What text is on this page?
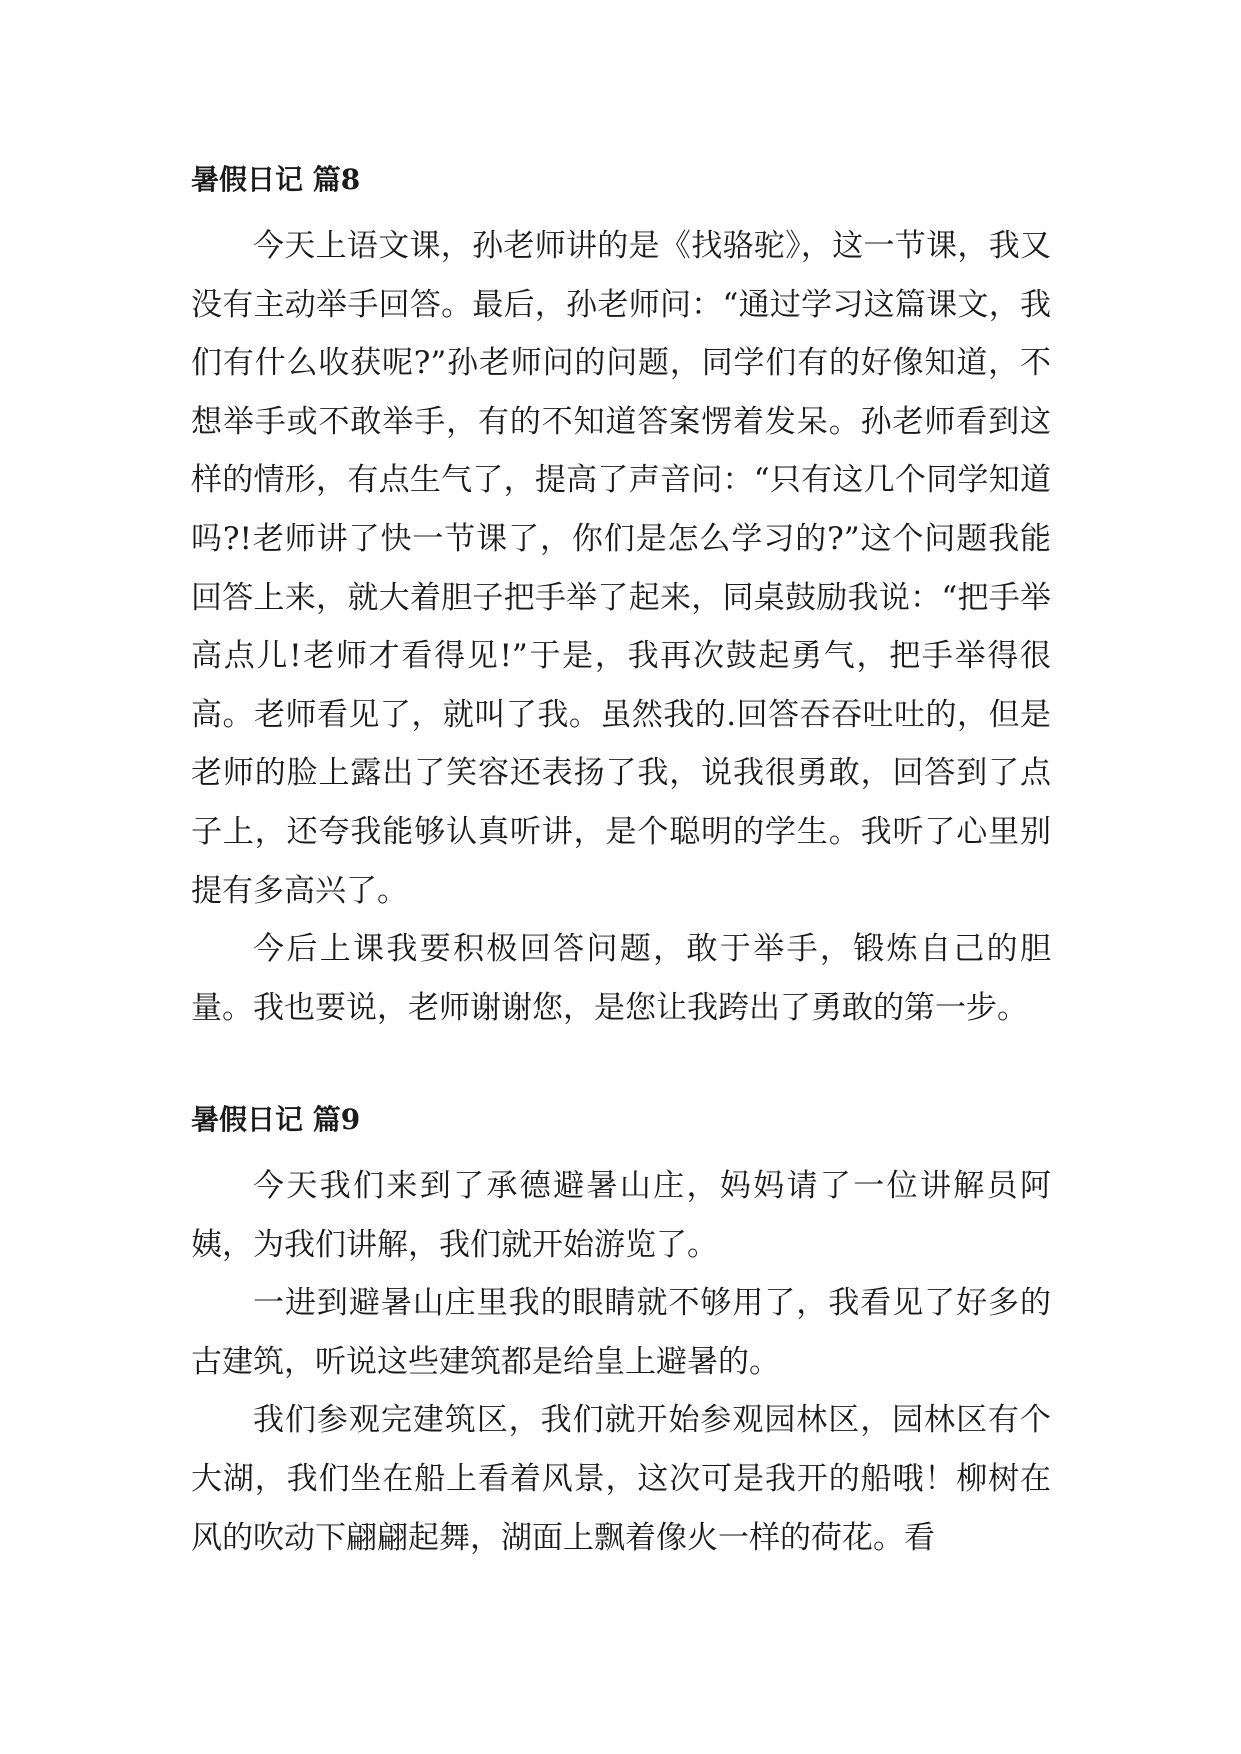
暑假日记 篇8

今天上语文课，孙老师讲的是《找骆驼》，这一节课，我又没有主动举手回答。最后，孙老师问：“通过学习这篇课文，我们有什么收获呢?”孙老师问的问题，同学们有的好像知道，不想举手或不敢举手，有的不知道答案愣着发呆。孙老师看到这样的情形，有点生气了，提高了声音问：“只有这几个同学知道吗?!老师讲了快一节课了，你们是怎么学习的?”这个问题我能回答上来，就大着胆子把手举了起来，同桌鼓励我说：“把手举高点儿!老师才看得见!”于是，我再次鼓起勇气，把手举得很高。老师看见了，就叫了我。虽然我的.回答吞吞吐吐的，但是老师的脸上露出了笑容还表扬了我，说我很勇敢，回答到了点子上，还夸我能够认真听讲，是个聪明的学生。我听了心里别提有多高兴了。

今后上课我要积极回答问题，敢于举手，锻炼自己的胆量。我也要说，老师谢谢您，是您让我跨出了勇敢的第一步。

暑假日记 篇9

今天我们来到了承德避暑山庄，妈妈请了一位讲解员阿姨，为我们讲解，我们就开始游览了。

一进到避暑山庄里我的眼睛就不够用了，我看见了好多的古建筑，听说这些建筑都是给皇上避暑的。

我们参观完建筑区，我们就开始参观园林区，园林区有个大湖，我们坐在船上看着风景，这次可是我开的船哦！柳树在风的吹动下翩翩起舞，湖面上飘着像火一样的荷花。看
